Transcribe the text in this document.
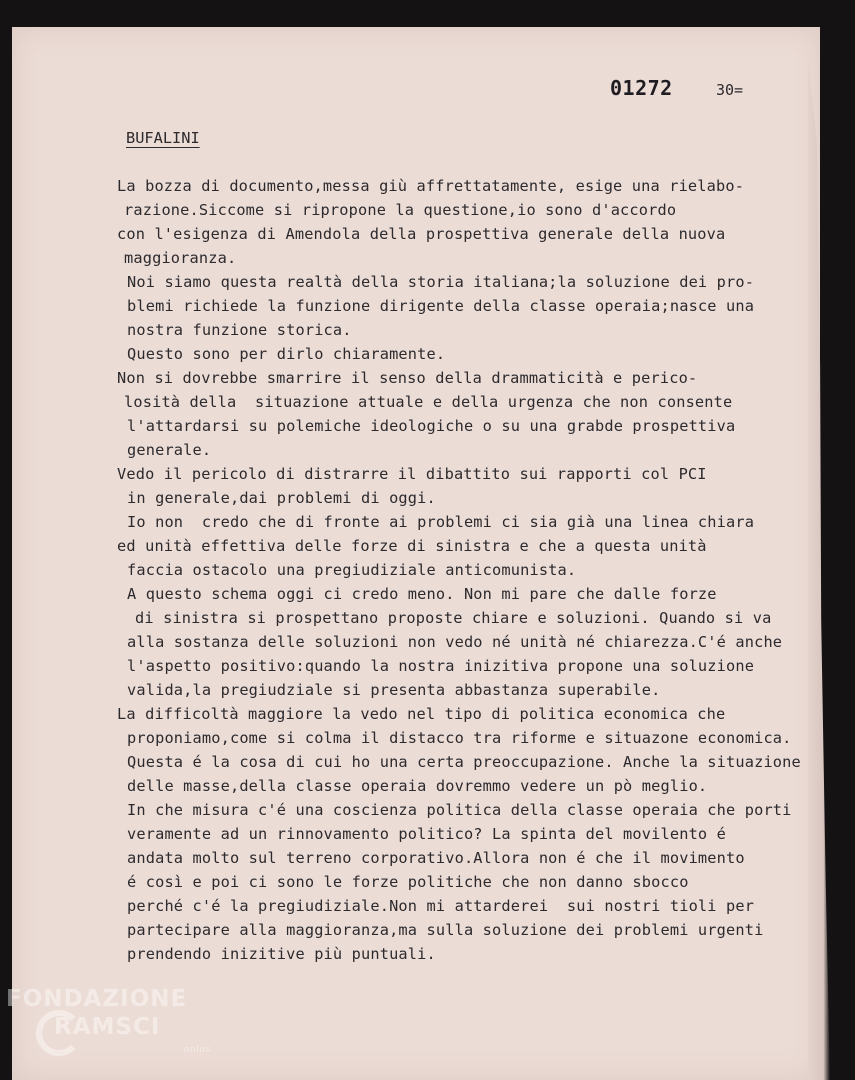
01272	30=
BUFALINI
La bozza di documento,messa giù affrettatamente, esige una rielabo-
razione.Siccome si ripropone la questione,io sono d'accordo
con l'esigenza di Amendola della prospettiva generale della nuova
maggioranza.
Noi siamo questa realtà della storia italiana;la soluzione dei pro-
blemi richiede la funzione dirigente della classe operaia;nasce una
nostra funzione storica.
Questo sono per dirlo chiaramente.
Non si dovrebbe smarrire il senso della drammaticità e perico-
losità della  situazione attuale e della urgenza che non consente
l'attardarsi su polemiche ideologiche o su una grabde prospettiva
generale.
Vedo il pericolo di distrarre il dibattito sui rapporti col PCI
in generale,dai problemi di oggi.
Io non  credo che di fronte ai problemi ci sia già una linea chiara
ed unità effettiva delle forze di sinistra e che a questa unità
faccia ostacolo una pregiudiziale anticomunista.
A questo schema oggi ci credo meno. Non mi pare che dalle forze
di sinistra si prospettano proposte chiare e soluzioni. Quando si va
alla sostanza delle soluzioni non vedo né unità né chiarezza.C'é anche
l'aspetto positivo:quando la nostra inizitiva propone una soluzione
valida,la pregiudziale si presenta abbastanza superabile.
La difficoltà maggiore la vedo nel tipo di politica economica che
proponiamo,come si colma il distacco tra riforme e situazone economica.
Questa é la cosa di cui ho una certa preoccupazione. Anche la situazione
delle masse,della classe operaia dovremmo vedere un pò meglio.
In che misura c'é una coscienza politica della classe operaia che porti
veramente ad un rinnovamento politico? La spinta del movilento é
andata molto sul terreno corporativo.Allora non é che il movimento
é così e poi ci sono le forze politiche che non danno sbocco
perché c'é la pregiudiziale.Non mi attarderei  sui nostri tioli per
partecipare alla maggioranza,ma sulla soluzione dei problemi urgenti
prendendo inizitive più puntuali.
FONDAZIONE
RAMSCI
onlus
